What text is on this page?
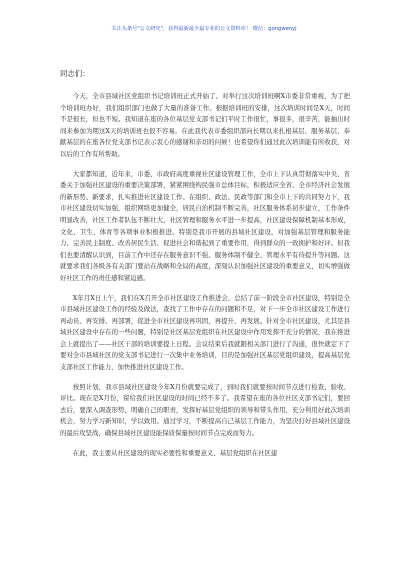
关注头条号"公文研究"，获得最新最全最专业的公文资料库！ 微信：gongwenyj

同志们：

今天，全市县域社区党组织书记培训班正式开始了。对举行这次培训班啊X市委非常重视，为了把个培训班办好，我们组织部门也做了大量的准备工作。根据培训班的安排，这次培训时间是X天，时间不是很长，但也不短。我知道在座的各位基层党支部书记们平时工作很忙，事很多，很辛苦，能抽出时间来参加为期这X天的培训班也很不容易。在此我代表市委组织部向长期以来扎根基层、服务基层、奉献基层的在座各位党支部书记表示衷心的感谢和亲切的问候！也希望你们通过此次培训能有所收获，对以后的工作有所帮助。

大家都知道，近年来，市委、市政府高度重视社区建设管理工作，全市上下认真贯彻落实中央、省委关于加强社区建设的重要决策部署，紧紧围绕构民强市总体目标，积极适应全省、全市经济社会发展的新形势、新要求，扎实推进社区建设工作。在组织、政法、民政等部门和全市上下的共同努力下，我市社区建设切实加强，组织网络更加健全，居民自治机制不断完善，社区服务体系初步建立，工作条件明显改善，社区工作者队伍不断壮大，社区管理和服务水平进一步提高，社区建设保障机制基本形成，文化、卫生、体育等各项事业积极推进。特别是我市开展的县域社区建设，对加强基层管理和服务能力、完善民主制度、改善居民生活、促进社会和谐起到了重要作用，得到群众的一致拥护和好评。但我们也要清醒认识到，目前工作中还存在服务意识不强、服务体制不健全、管理水平有待提升等问题。这就要求我们各级各有关部门要站在战略和全局的高度，深刻认识加强社区建设的重要意义，切实增强做好社区工作的责任感和紧迫感。

X年月X日上午，我们在X召开全市社区建设工作推进会，总结了前一阶段全市社区建设，特别是全市县域社区建设工作的经验及做法，查找了工作中存在的问题和不足，对下一步全市社区建设工作进行再动员、再安排、再部署，促进全市社区建设再巩固、再提升、再发展。针对全市社区建设，尤其是县域社区建设中存在的一些问题，特别是社区基层党组织在社区建设中作用发挥不充分的情况，我在推进会上就提出了——社区干部的培训要提上日程。会议结束后我就跟相关部门进行了沟通，很快就定下了要对全市县域社区的党支部书记进行一次集中业务培训，目的是加强社区基层党组织建设，提高基层党支部社区工作能力，加快推进社区建设工作。

按照计划，我市县域社区建设今年X月份就要完成了，到时我们就要按时间节点进行检查、验收、评比。现在是X月份，留给我们社区建设的时间已经不多了。我希望在座的各位社区支部书记们，要回去后，要深入调查形势，明确自己的职责，发挥好基层党组织的领导和带头作用，充分利用好此次培训机会，努力学习新知识，学以致用。通过学习，不断提高自己基层工作能力，为坚决打好县域社区建设的最后攻坚战，确保县域社区建设能保质保量按时间节点完成而努力。

在此，我主要从社区建设的现实必要性和重要意义、基层党组织在社区建
